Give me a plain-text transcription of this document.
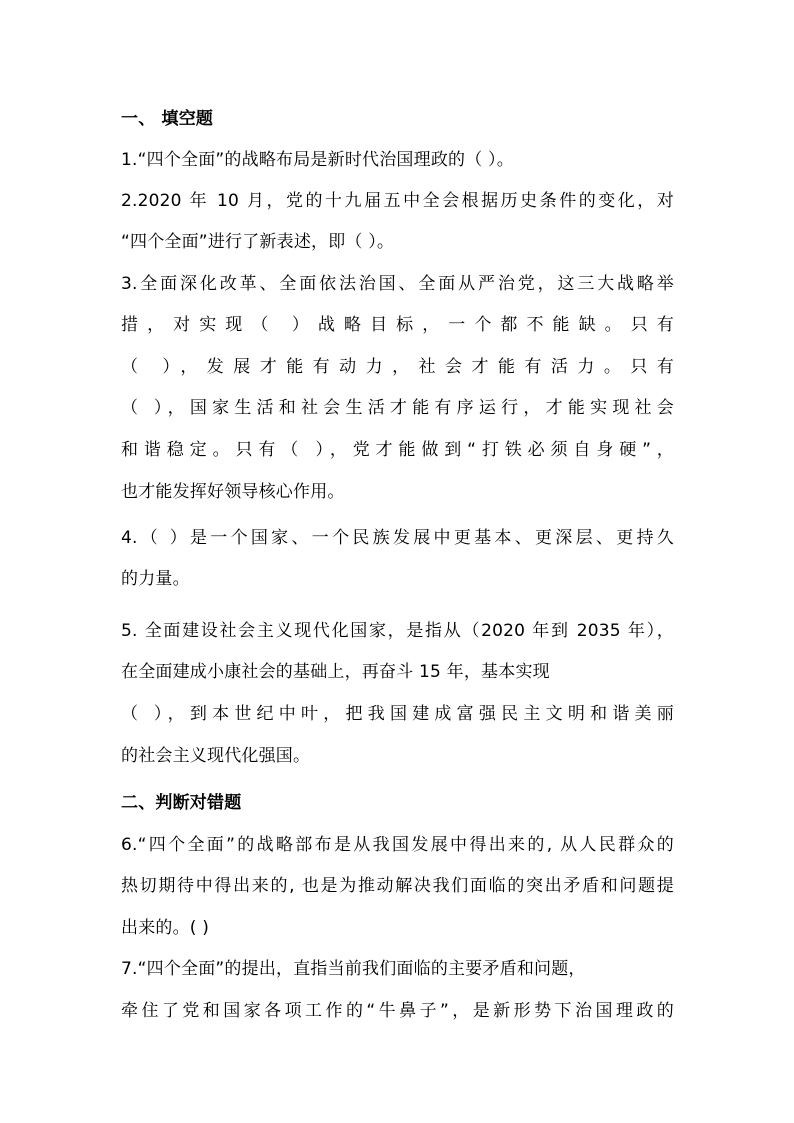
一、 填空题
1.“四个全面”的战略布局是新时代治国理政的（ ）。
2.2020 年 10 月，党的十九届五中全会根据历史条件的变化，对
“四个全面”进行了新表述，即（ ）。
3.全面深化改革、全面依法治国、全面从严治党，这三大战略举
措，对实现（ ）战略目标，一个都不能缺。只有
（ ），发展才能有动力，社会才能有活力。只有
（ ），国家生活和社会生活才能有序运行，才能实现社会
和谐稳定。只有（ ），党才能做到“打铁必须自身硬”，
也才能发挥好领导核心作用。
4.（ ）是一个国家、一个民族发展中更基本、更深层、更持久
的力量。
5. 全面建设社会主义现代化国家，是指从（2020 年到 2035 年），
在全面建成小康社会的基础上，再奋斗 15 年，基本实现
（ ），到本世纪中叶，把我国建成富强民主文明和谐美丽
的社会主义现代化强国。
二、判断对错题
6.“四个全面”的战略部布是从我国发展中得出来的, 从人民群众的
热切期待中得出来的, 也是为推动解决我们面临的突出矛盾和问题提
出来的。( )
7.“四个全面”的提出，直指当前我们面临的主要矛盾和问题，
牵住了党和国家各项工作的“牛鼻子”，是新形势下治国理政的
